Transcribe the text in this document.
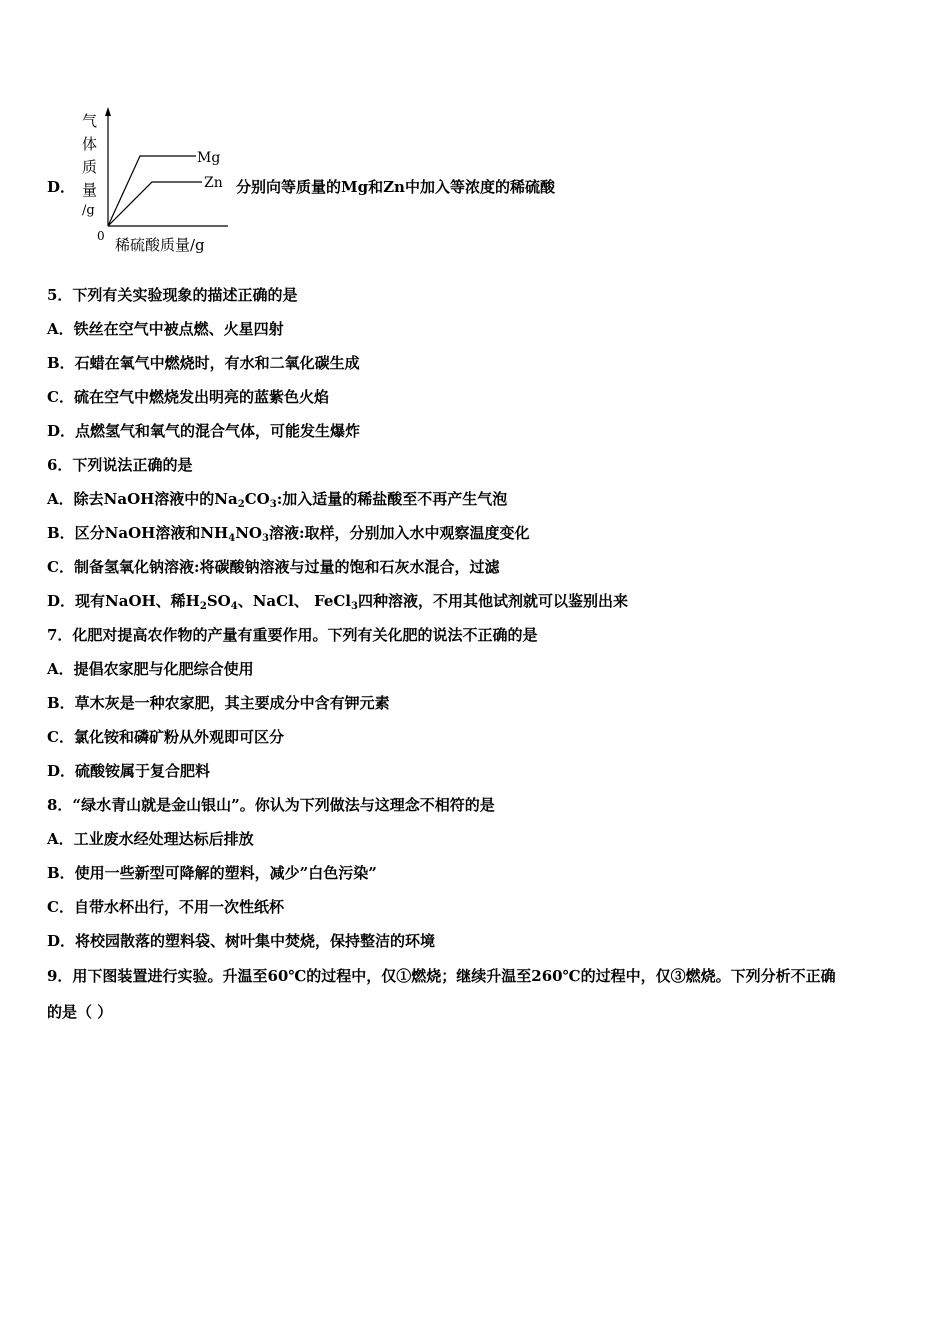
D．
气
体
质
量
/g
0
Mg
Zn
稀硫酸质量/g
分别向等质量的Mg和Zn中加入等浓度的稀硫酸
5．下列有关实验现象的描述正确的是
A．铁丝在空气中被点燃、火星四射
B．石蜡在氧气中燃烧时，有水和二氧化碳生成
C．硫在空气中燃烧发出明亮的蓝紫色火焰
D．点燃氢气和氧气的混合气体，可能发生爆炸
6．下列说法正确的是
A．除去NaOH溶液中的$Na_2CO_3$:加入适量的稀盐酸至不再产生气泡
B．区分NaOH溶液和$NH_4NO_3$溶液:取样，分别加入水中观察温度变化
C．制备氢氧化钠溶液:将碳酸钠溶液与过量的饱和石灰水混合，过滤
D．现有NaOH、稀$H_2SO_4$、NaCl、 FeCl$_3$四种溶液，不用其他试剂就可以鉴别出来
7．化肥对提高农作物的产量有重要作用。下列有关化肥的说法不正确的是
A．提倡农家肥与化肥综合使用
B．草木灰是一种农家肥，其主要成分中含有钾元素
C．氯化铵和磷矿粉从外观即可区分
D．硫酸铵属于复合肥料
8．“绿水青山就是金山银山”。你认为下列做法与这理念不相符的是
A．工业废水经处理达标后排放
B．使用一些新型可降解的塑料，减少”白色污染”
C．自带水杯出行，不用一次性纸杯
D．将校园散落的塑料袋、树叶集中焚烧，保持整洁的环境
9．用下图装置进行实验。升温至60℃的过程中，仅①燃烧；继续升温至260℃的过程中，仅③燃烧。下列分析不正确
的是（ ）
